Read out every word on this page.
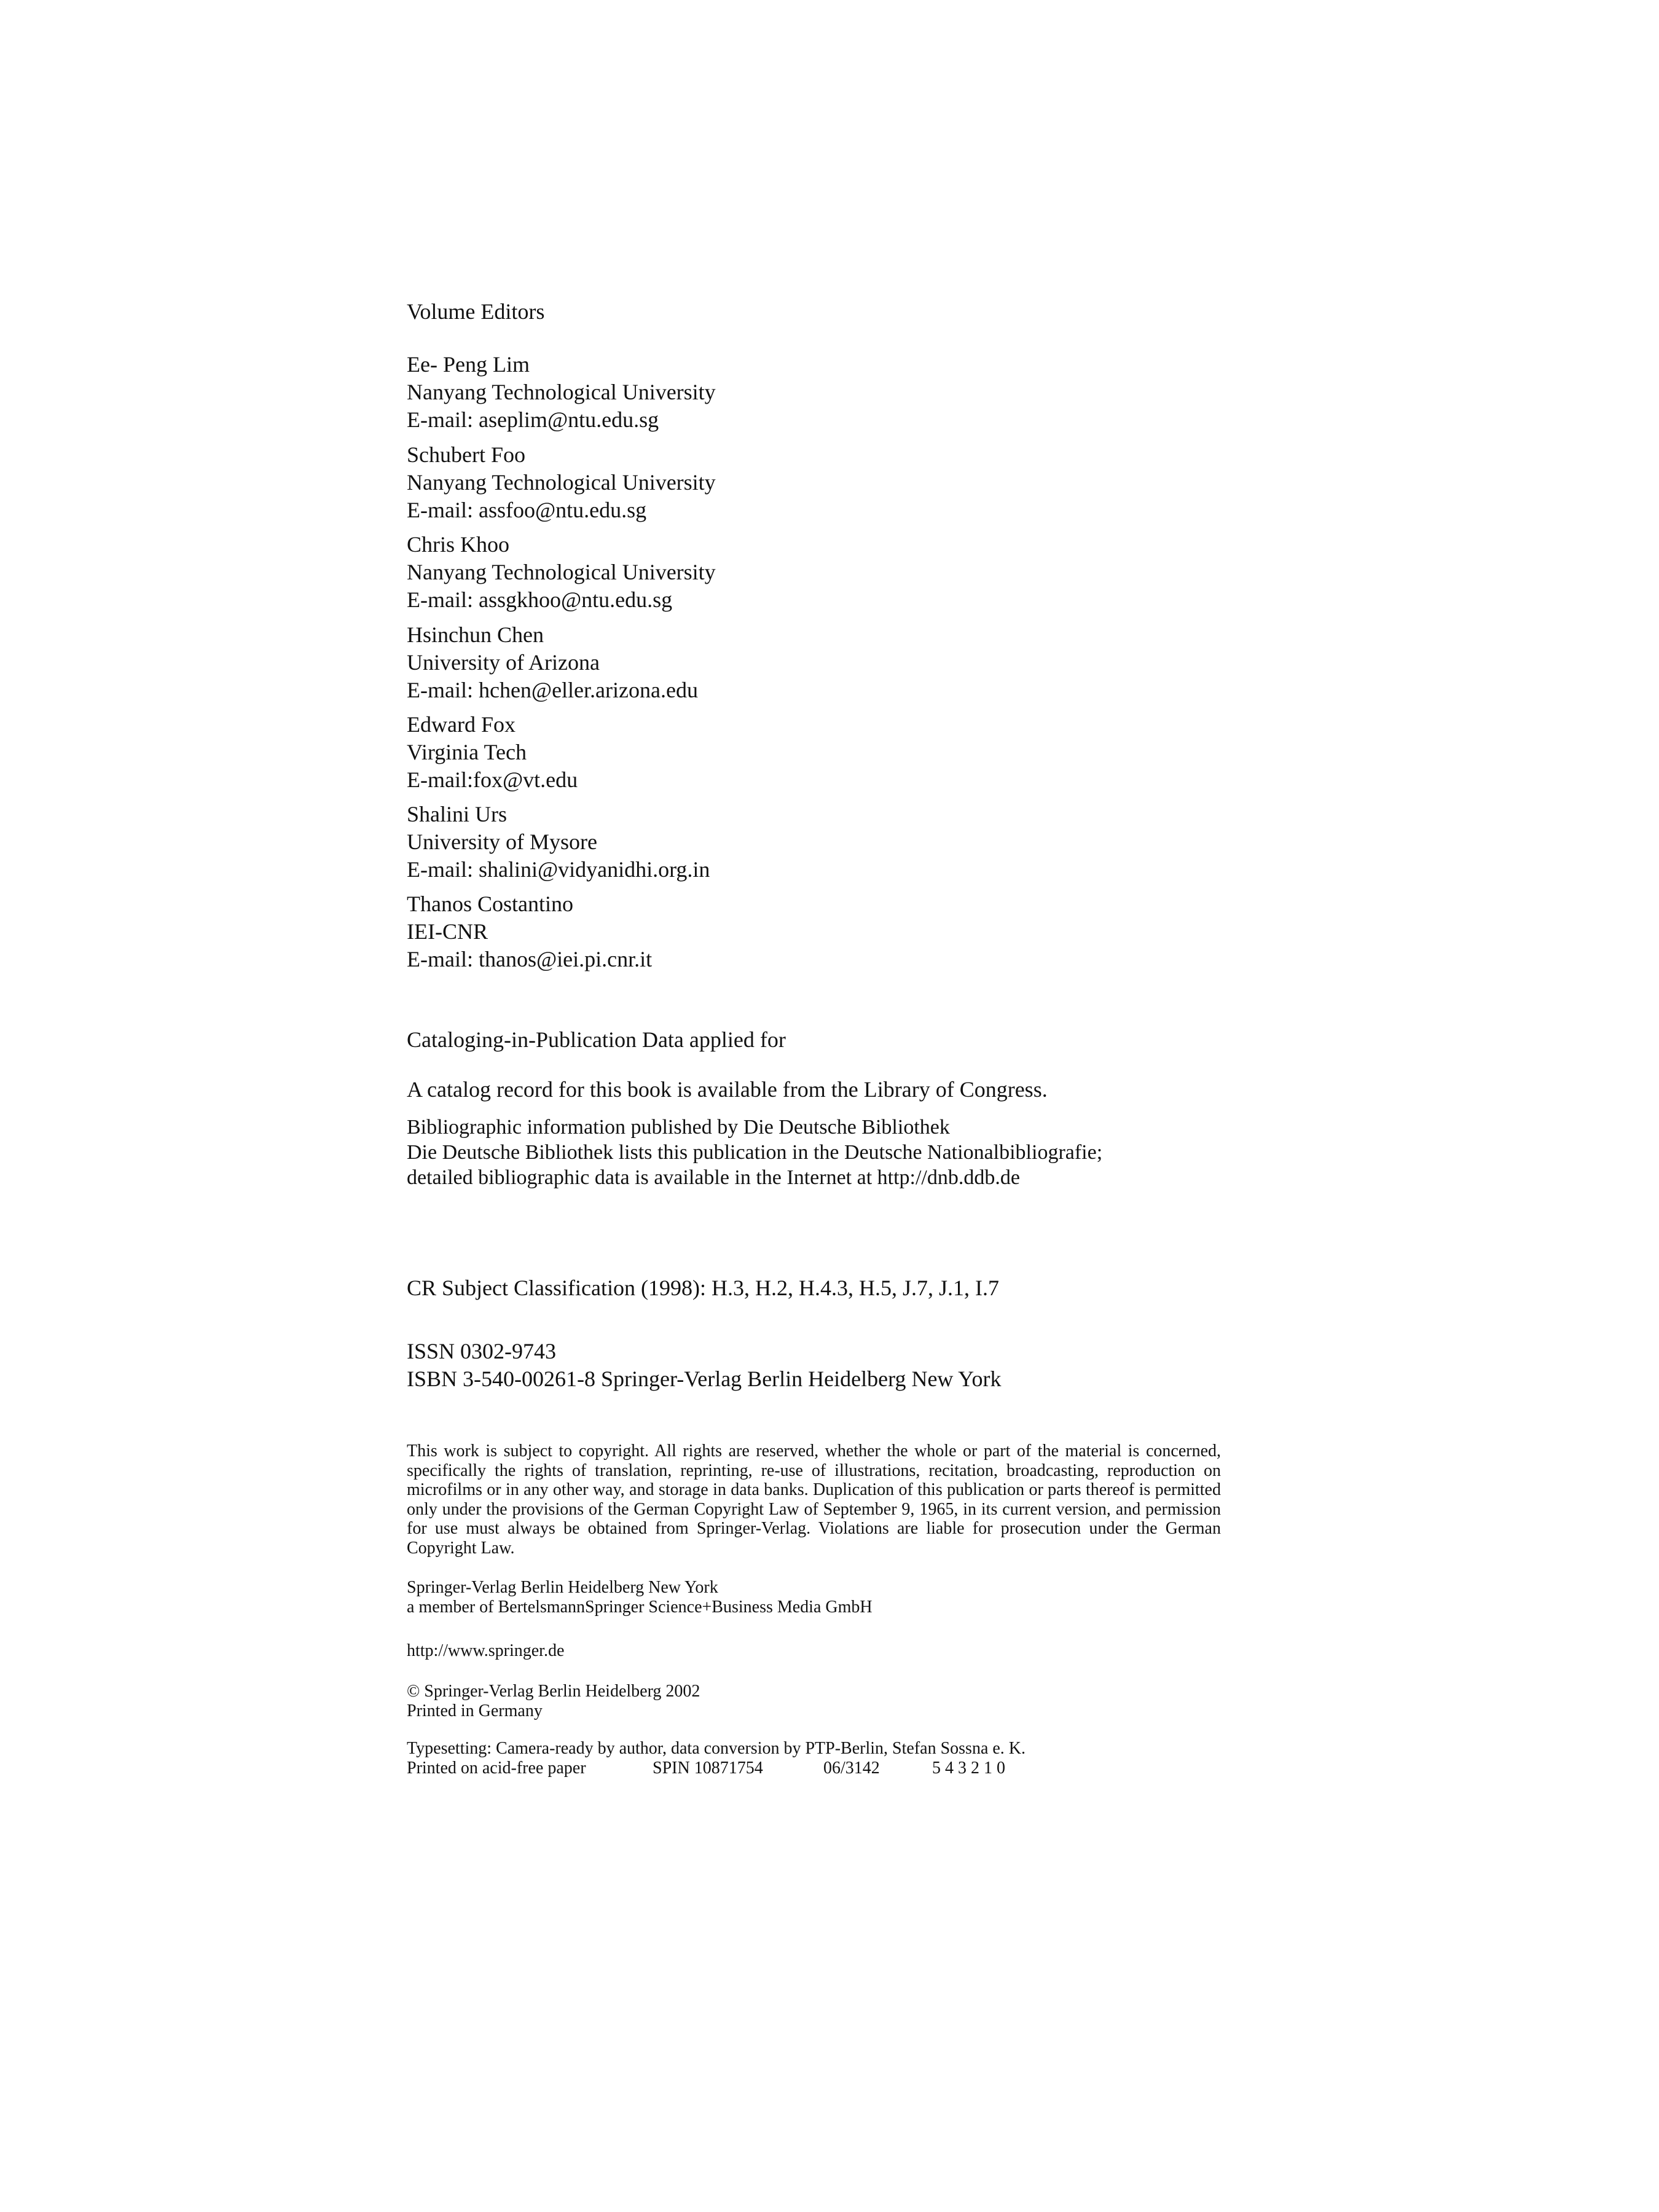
Volume Editors
Ee- Peng Lim
Nanyang Technological University
E-mail: aseplim@ntu.edu.sg
Schubert Foo
Nanyang Technological University
E-mail: assfoo@ntu.edu.sg
Chris Khoo
Nanyang Technological University
E-mail: assgkhoo@ntu.edu.sg
Hsinchun Chen
University of Arizona
E-mail: hchen@eller.arizona.edu
Edward Fox
Virginia Tech
E-mail:fox@vt.edu
Shalini Urs
University of Mysore
E-mail: shalini@vidyanidhi.org.in
Thanos Costantino
IEI-CNR
E-mail: thanos@iei.pi.cnr.it
Cataloging-in-Publication Data applied for
A catalog record for this book is available from the Library of Congress.
Bibliographic information published by Die Deutsche Bibliothek
Die Deutsche Bibliothek lists this publication in the Deutsche Nationalbibliografie;
detailed bibliographic data is available in the Internet at http://dnb.ddb.de
CR Subject Classification (1998): H.3, H.2, H.4.3, H.5, J.7, J.1, I.7
ISSN 0302-9743
ISBN 3-540-00261-8 Springer-Verlag Berlin Heidelberg New York

This work is subject to copyright. All rights are reserved, whether the whole or part of the material is concerned, specifically the rights of translation, reprinting, re-use of illustrations, recitation, broadcasting, reproduction on microfilms or in any other way, and storage in data banks. Duplication of this publication or parts thereof is permitted only under the provisions of the German Copyright Law of September 9, 1965, in its current version, and permission for use must always be obtained from Springer-Verlag. Violations are liable for prosecution under the German Copyright Law.

Springer-Verlag Berlin Heidelberg New York
a member of BertelsmannSpringer Science+Business Media GmbH
http://www.springer.de
© Springer-Verlag Berlin Heidelberg 2002
Printed in Germany
Typesetting: Camera-ready by author, data conversion by PTP-Berlin, Stefan Sossna e. K.
Printed on acid-free paper	SPIN 10871754	06/3142	5 4 3 2 1 0
